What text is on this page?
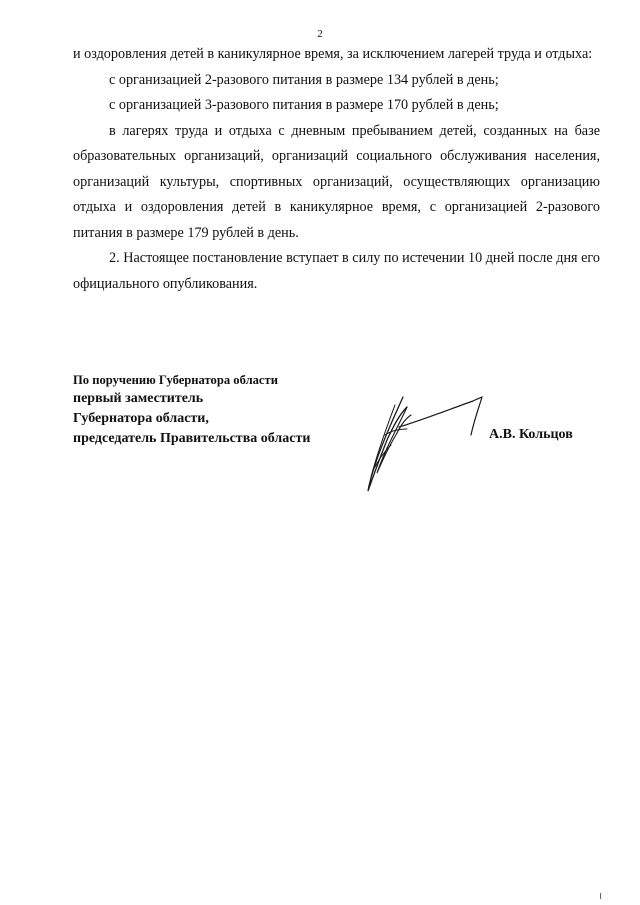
2

и оздоровления детей в каникулярное время, за исключением лагерей труда и отдыха:

с организацией 2-разового питания в размере 134 рублей в день;

с организацией 3-разового питания в размере 170 рублей в день;

в лагерях труда и отдыха с дневным пребыванием детей, созданных на базе образовательных организаций, организаций социального обслуживания населения, организаций культуры, спортивных организаций, осуществляющих организацию отдыха и оздоровления детей в каникулярное время, с организацией 2-разового питания в размере 179 рублей в день.

2. Настоящее постановление вступает в силу по истечении 10 дней после дня его официального опубликования.

По поручению Губернатора области
первый заместитель
Губернатора области,
председатель Правительства области	А.В. Кольцов
